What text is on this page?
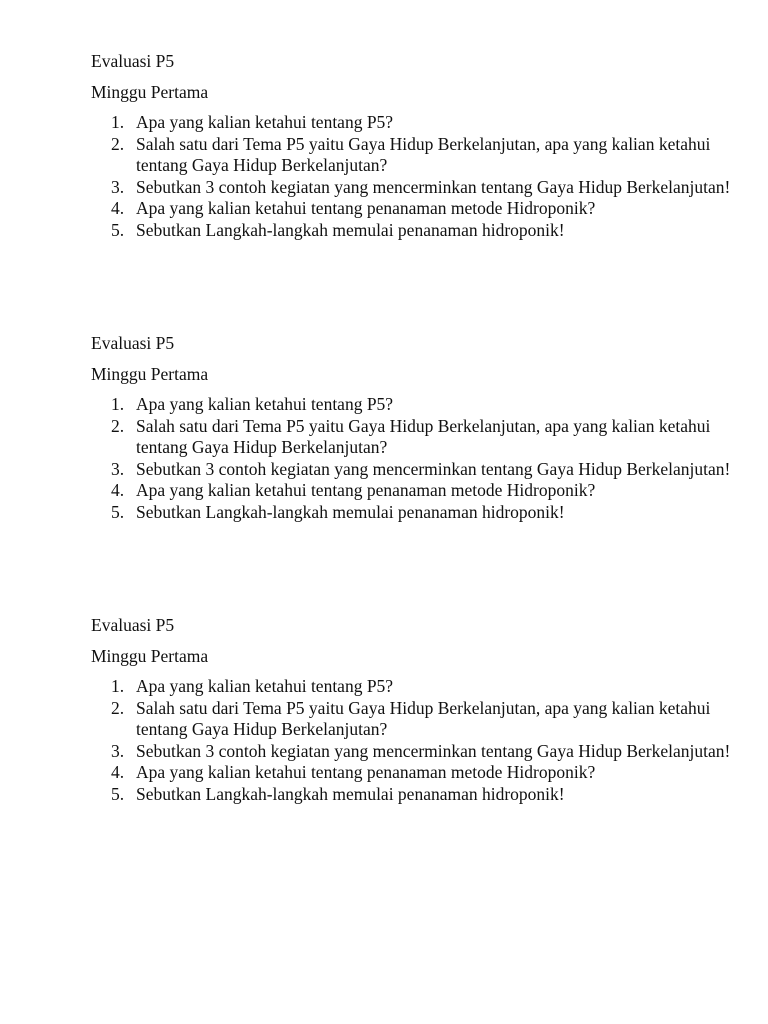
Evaluasi P5

Minggu Pertama

1. Apa yang kalian ketahui tentang P5?
2. Salah satu dari Tema P5 yaitu Gaya Hidup Berkelanjutan, apa yang kalian ketahui tentang Gaya Hidup Berkelanjutan?
3. Sebutkan 3 contoh kegiatan yang mencerminkan tentang Gaya Hidup Berkelanjutan!
4. Apa yang kalian ketahui tentang penanaman metode Hidroponik?
5. Sebutkan Langkah-langkah memulai penanaman hidroponik!

Evaluasi P5

Minggu Pertama

1. Apa yang kalian ketahui tentang P5?
2. Salah satu dari Tema P5 yaitu Gaya Hidup Berkelanjutan, apa yang kalian ketahui tentang Gaya Hidup Berkelanjutan?
3. Sebutkan 3 contoh kegiatan yang mencerminkan tentang Gaya Hidup Berkelanjutan!
4. Apa yang kalian ketahui tentang penanaman metode Hidroponik?
5. Sebutkan Langkah-langkah memulai penanaman hidroponik!

Evaluasi P5

Minggu Pertama

1. Apa yang kalian ketahui tentang P5?
2. Salah satu dari Tema P5 yaitu Gaya Hidup Berkelanjutan, apa yang kalian ketahui tentang Gaya Hidup Berkelanjutan?
3. Sebutkan 3 contoh kegiatan yang mencerminkan tentang Gaya Hidup Berkelanjutan!
4. Apa yang kalian ketahui tentang penanaman metode Hidroponik?
5. Sebutkan Langkah-langkah memulai penanaman hidroponik!
